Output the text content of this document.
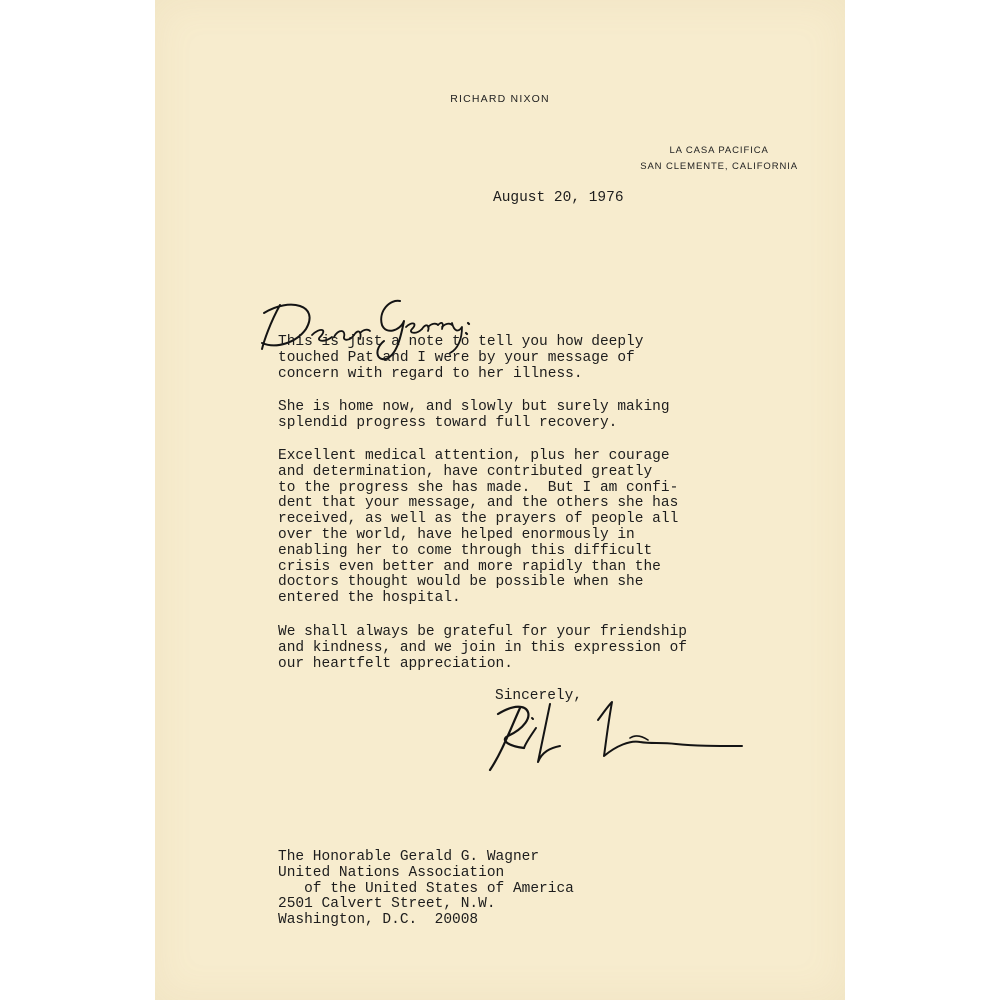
RICHARD NIXON
LA CASA PACIFICA
SAN CLEMENTE, CALIFORNIA
August 20, 1976
This is just a note to tell you how deeply
touched Pat and I were by your message of
concern with regard to her illness.
She is home now, and slowly but surely making
splendid progress toward full recovery.
Excellent medical attention, plus her courage
and determination, have contributed greatly
to the progress she has made.  But I am confi-
dent that your message, and the others she has
received, as well as the prayers of people all
over the world, have helped enormously in
enabling her to come through this difficult
crisis even better and more rapidly than the
doctors thought would be possible when she
entered the hospital.
We shall always be grateful for your friendship
and kindness, and we join in this expression of
our heartfelt appreciation.
Sincerely,
The Honorable Gerald G. Wagner
United Nations Association
of the United States of America
2501 Calvert Street, N.W.
Washington, D.C.  20008
